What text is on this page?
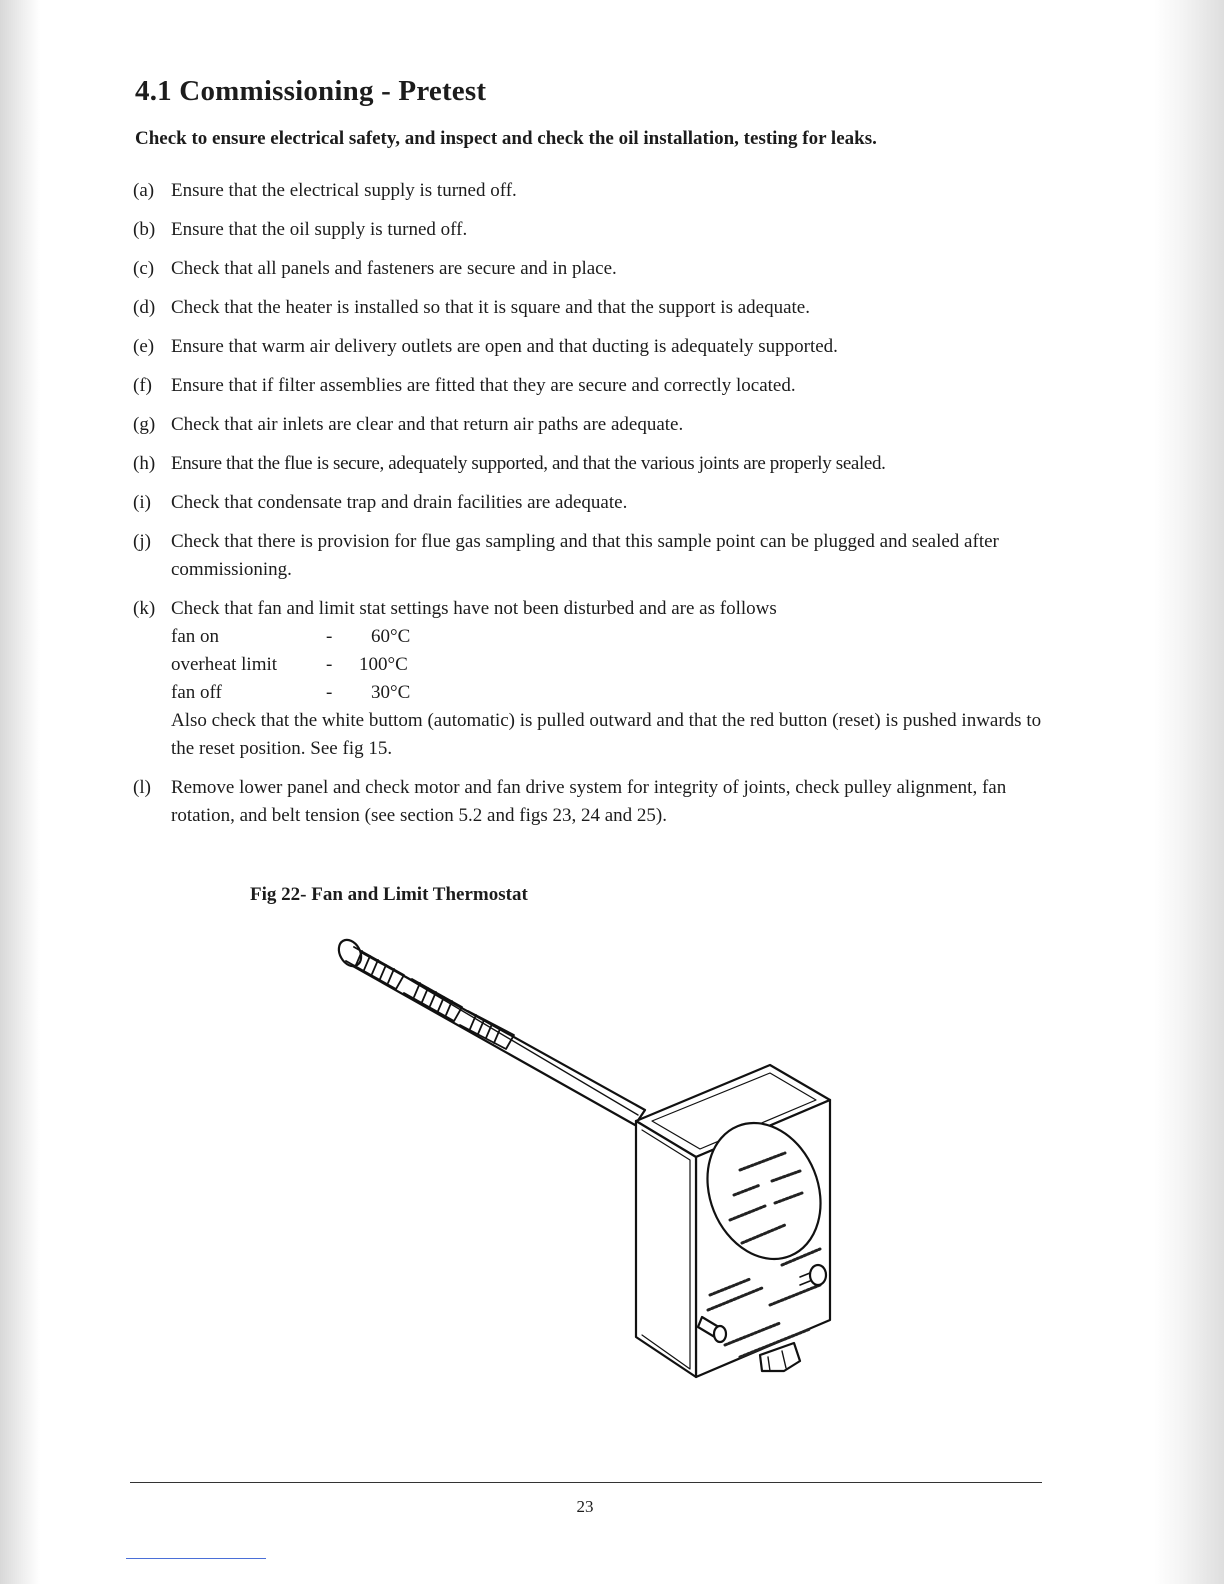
4.1 Commissioning - Pretest

Check to ensure electrical safety, and inspect and check the oil installation, testing for leaks.

(a) Ensure that the electrical supply is turned off.
(b) Ensure that the oil supply is turned off.
(c) Check that all panels and fasteners are secure and in place.
(d) Check that the heater is installed so that it is square and that the support is adequate.
(e) Ensure that warm air delivery outlets are open and that ducting is adequately supported.
(f)	Ensure that if filter assemblies are fitted that they are secure and correctly located.
(g) Check that air inlets are clear and that return air paths are adequate.
(h) Ensure that the flue is secure, adequately supported, and that the various joints are properly sealed.
(i)	Check that condensate trap and drain facilities are adequate.
(j)	Check that there is provision for flue gas sampling and that this sample point can be plugged and sealed after commissioning.
(k) Check that fan and limit stat settings have not been disturbed and are as follows
fan on	-	60°C
overheat limit	-	100°C
fan off	-	30°C
Also check that the white buttom (automatic) is pulled outward and that the red button (reset) is pushed inwards to the reset position. See fig 15.
(l)	Remove lower panel and check motor and fan drive system for integrity of joints, check pulley alignment, fan rotation, and belt tension (see section 5.2 and figs 23, 24 and 25).

Fig 22- Fan and Limit Thermostat

23
